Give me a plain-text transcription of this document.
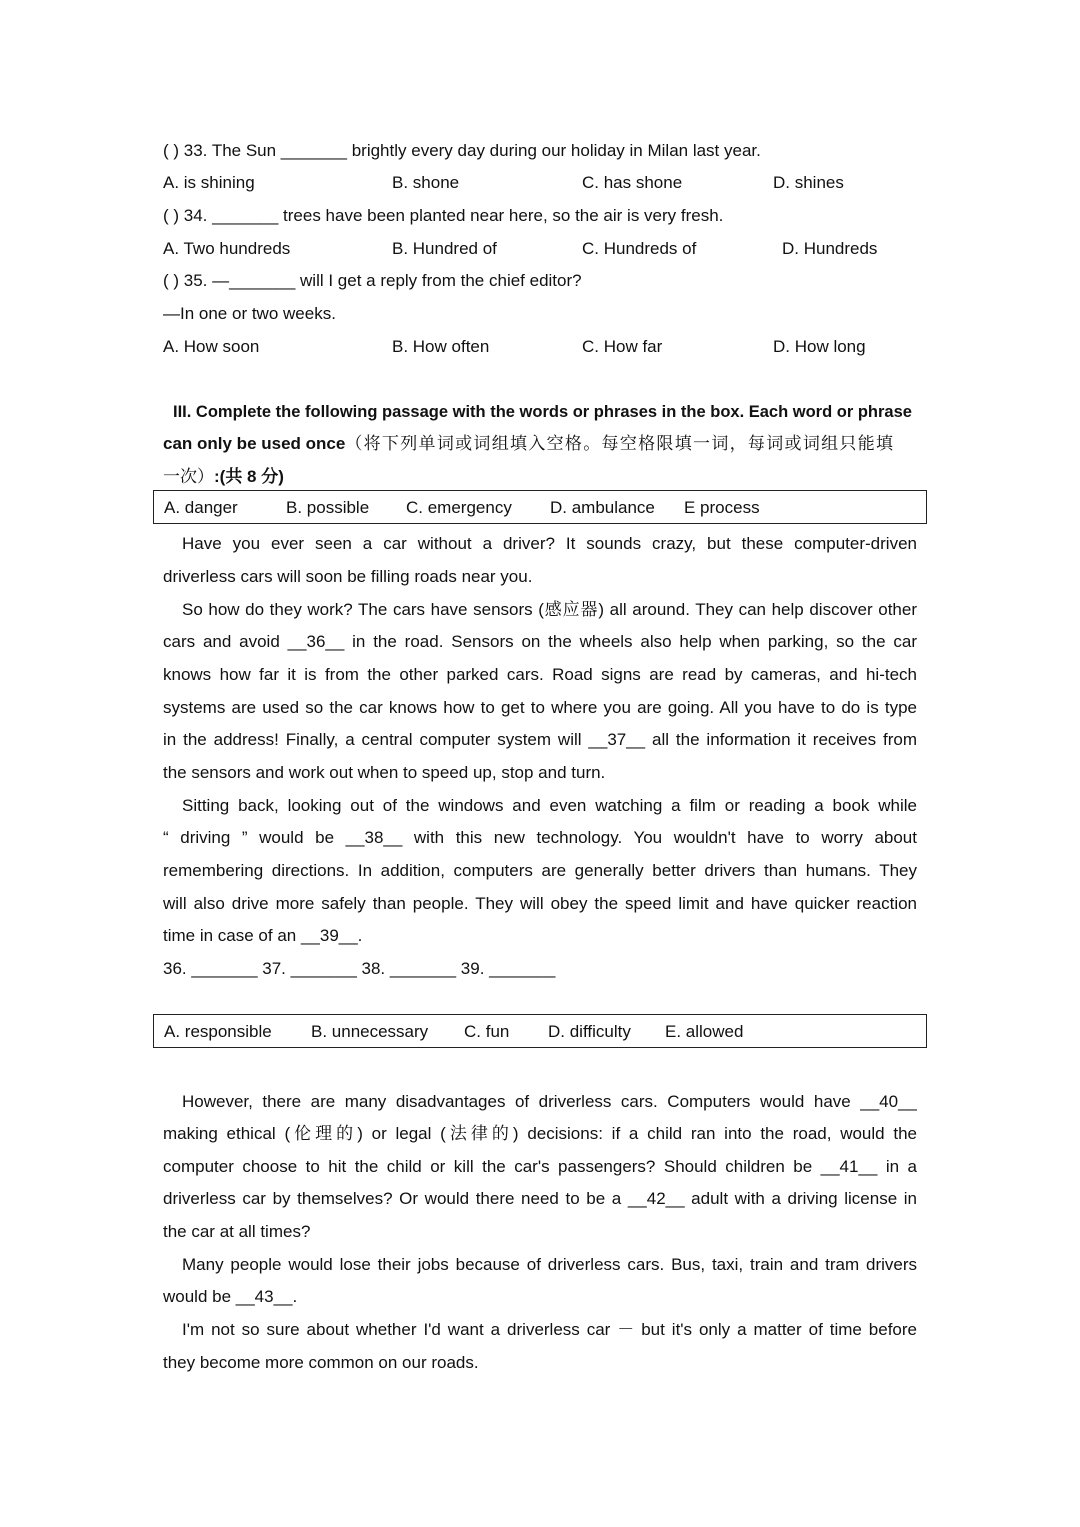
( ) 33. The Sun _______ brightly every day during our holiday in Milan last year.
A. is shining	B. shone	C. has shone	D. shines
( ) 34. _______ trees have been planted near here, so the air is very fresh.
A. Two hundreds	B. Hundred of	C. Hundreds of	D. Hundreds
( ) 35. —_______ will I get a reply from the chief editor?
—In one or two weeks.
A. How soon	B. How often	C. How far	D. How long
III. Complete the following passage with the words or phrases in the box. Each word or phrase
can only be used once（将下列单词或词组填入空格。每空格限填一词，每词或词组只能填
一次）:(共 8 分)
A. danger	B. possible C. emergency D. ambulance E process
Have you ever seen a car without a driver? It sounds crazy, but these computer-driven
driverless cars will soon be filling roads near you.
So how do they work? The cars have sensors (感应器) all around. They can help discover other
cars and avoid __36__ in the road. Sensors on the wheels also help when parking, so the car
knows how far it is from the other parked cars. Road signs are read by cameras, and hi-tech
systems are used so the car knows how to get to where you are going. All you have to do is type
in the address! Finally, a central computer system will __37__ all the information it receives from
the sensors and work out when to speed up, stop and turn.
Sitting back, looking out of the windows and even watching a film or reading a book while
“ driving ” would be __38__ with this new technology. You wouldn't have to worry about
remembering directions. In addition, computers are generally better drivers than humans. They
will also drive more safely than people. They will obey the speed limit and have quicker reaction
time in case of an __39__.
36. _______ 37. _______ 38. _______ 39. _______
A. responsible B. unnecessary C. fun D. difficulty E. allowed
However, there are many disadvantages of driverless cars. Computers would have __40__
making ethical (伦理的) or legal (法律的) decisions: if a child ran into the road, would the
computer choose to hit the child or kill the car's passengers? Should children be __41__ in a
driverless car by themselves? Or would there need to be a __42__ adult with a driving license in
the car at all times?
Many people would lose their jobs because of driverless cars. Bus, taxi, train and tram drivers
would be __43__.
I'm not so sure about whether I'd want a driverless car － but it's only a matter of time before
they become more common on our roads.
